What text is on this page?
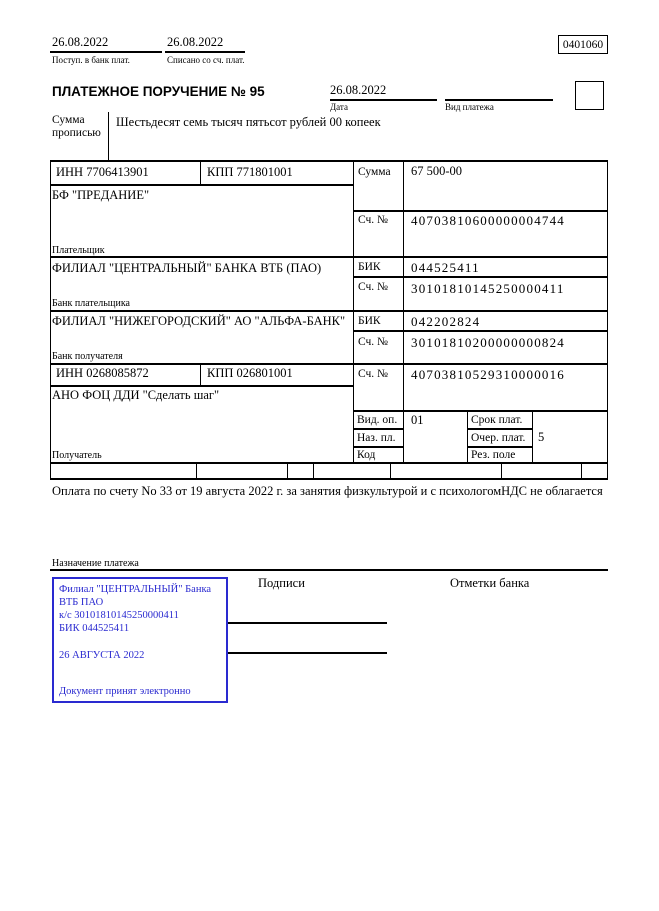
26.08.2022
Поступ. в банк плат.
26.08.2022
Списано со сч. плат.
0401060
ПЛАТЕЖНОЕ ПОРУЧЕНИЕ № 95	26.08.2022
Дата	Вид платежа
Сумма прописью
Шестьдесят семь тысяч пятьсот рублей 00 копеек
ИНН 7706413901	КПП 771801001	Сумма 67 500-00
БФ "ПРЕДАНИЕ"
Сч. № 40703810600000004744
Плательщик
ФИЛИАЛ "ЦЕНТРАЛЬНЫЙ" БАНКА ВТБ (ПАО)	БИК 044525411
Сч. № 30101810145250000411
Банк плательщика
ФИЛИАЛ "НИЖЕГОРОДСКИЙ" АО "АЛЬФА-БАНК" БИК 042202824
Сч. № 30101810200000000824
Банк получателя
ИНН 0268085872	КПП 026801001	Сч. № 40703810529310000016
АНО ФОЦ ДДИ "Сделать шаг"
Получатель
Вид. оп. 01	Срок плат.
Наз. пл.	Очер. плат. 5
Код	Рез. поле
Оплата по счету No 33 от 19 августа 2022 г. за занятия физкультурой и с психологомНДС не облагается
Назначение платежа
Подписи	Отметки банка
Филиал "ЦЕНТРАЛЬНЫЙ" Банка
ВТБ ПАО
к/с 30101810145250000411
БИК 044525411
26 АВГУСТА 2022
Документ принят электронно
